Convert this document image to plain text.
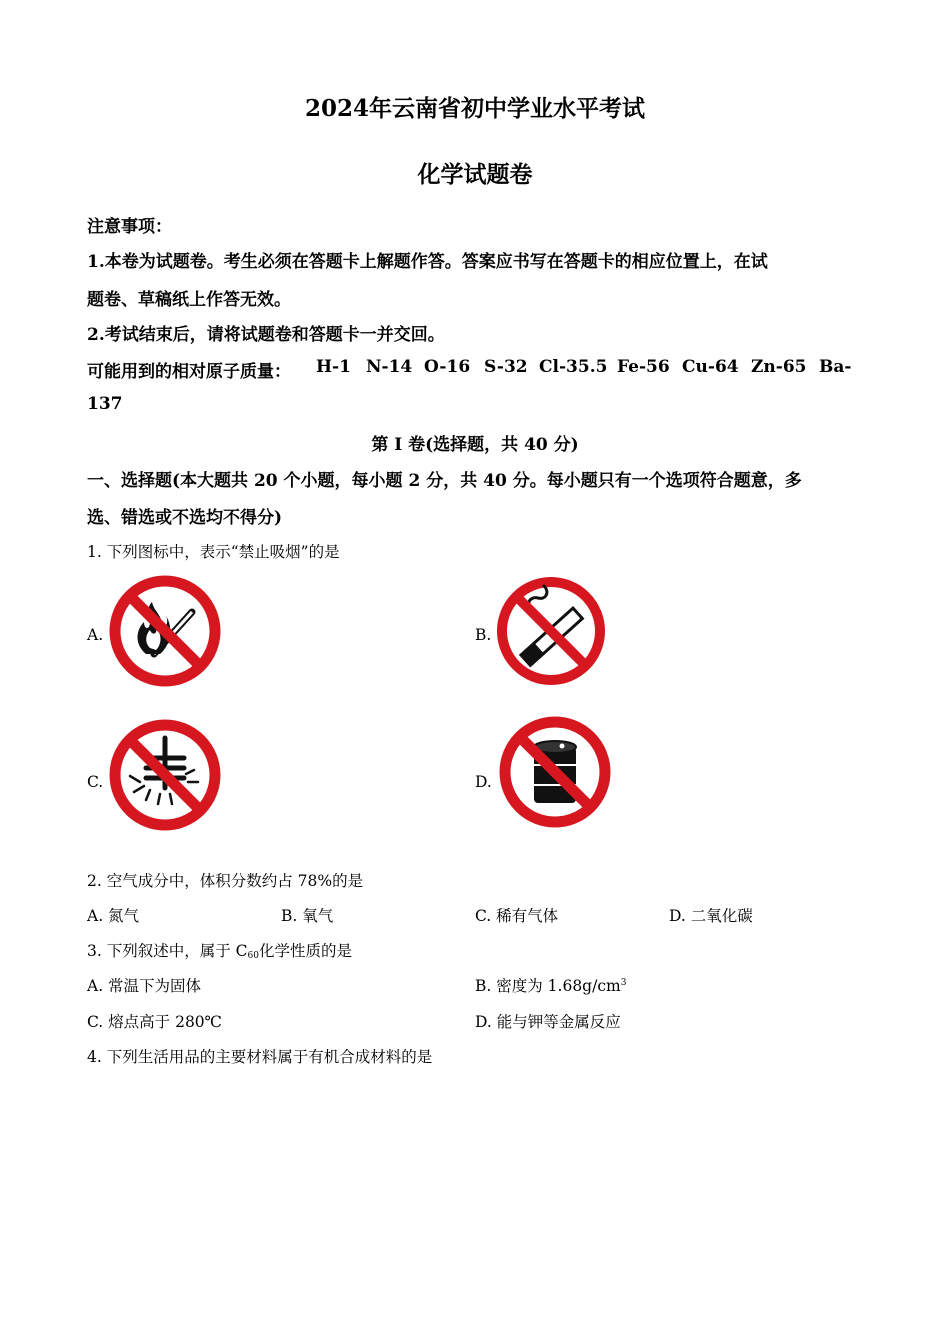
2024年云南省初中学业水平考试
化学试题卷
注意事项：
1.本卷为试题卷。考生必须在答题卡上解题作答。答案应书写在答题卡的相应位置上，在试
题卷、草稿纸上作答无效。
2.考试结束后，请将试题卷和答题卡一并交回。
可能用到的相对原子质量： H-1 N-14 O-16 S-32 Cl-35.5 Fe-56 Cu-64 Zn-65 Ba-
137
第 I 卷(选择题，共 40 分)
一、选择题(本大题共 20 个小题，每小题 2 分，共 40 分。每小题只有一个选项符合题意，多
选、错选或不选均不得分)
1. 下列图标中，表示“禁止吸烟”的是
A.	B.
C.	D.
2. 空气成分中，体积分数约占 78%的是
A. 氮气	B. 氧气	C. 稀有气体	D. 二氧化碳
3. 下列叙述中，属于 $C_{60}$化学性质的是
A. 常温下为固体	B. 密度为 $1.68g/cm^3$
C. 熔点高于 280℃	D. 能与钾等金属反应
4. 下列生活用品的主要材料属于有机合成材料的是
